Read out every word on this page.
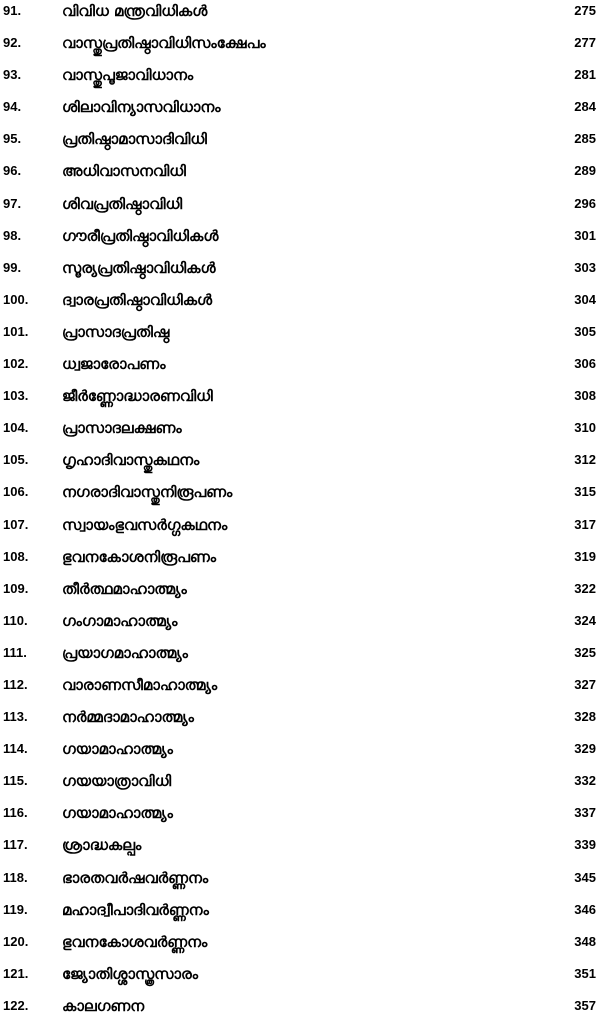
91.	വിവിധ മന്ത്രവിധികൾ	275
92.	വാസ്തുപ്രതിഷ്ഠാവിധിസംക്ഷേപം	277
93.	വാസ്തുപൂജാവിധാനം	281
94.	ശിലാവിന്യാസവിധാനം	284
95.	പ്രതിഷ്ഠാമാസാദിവിധി	285
96.	അധിവാസനവിധി	289
97.	ശിവപ്രതിഷ്ഠാവിധി	296
98.	ഗൗരീപ്രതിഷ്ഠാവിധികൾ	301
99.	സൂര്യപ്രതിഷ്ഠാവിധികൾ	303
100. ദ്വാരപ്രതിഷ്ഠാവിധികൾ	304
101. പ്രാസാദപ്രതിഷ്ഠ	305
102. ധ്വജാരോപണം	306
103. ജീർണ്ണോദ്ധാരണവിധി	308
104. പ്രാസാദലക്ഷണം	310
105. ഗൃഹാദിവാസ്തുകഥനം	312
106. നഗരാദിവാസ്തുനിരൂപണം	315
107. സ്വായംഭുവസർഗ്ഗകഥനം	317
108. ഭുവനകോശനിരൂപണം	319
109. തീർത്ഥമാഹാത്മ്യം	322
110. ഗംഗാമാഹാത്മ്യം	324
111. പ്രയാഗമാഹാത്മ്യം	325
112. വാരാണസീമാഹാത്മ്യം	327
113. നർമ്മദാമാഹാത്മ്യം	328
114. ഗയാമാഹാത്മ്യം	329
115. ഗയയാത്രാവിധി	332
116. ഗയാമാഹാത്മ്യം	337
117. ശ്രാദ്ധകല്പം	339
118. ഭാരതവർഷവർണ്ണനം	345
119. മഹാദ്വീപാദിവർണ്ണനം	346
120. ഭുവനകോശവർണ്ണനം	348
121. ജ്യോതിശ്ശാസ്ത്രസാരം	351
122. കാലഗണന	357
